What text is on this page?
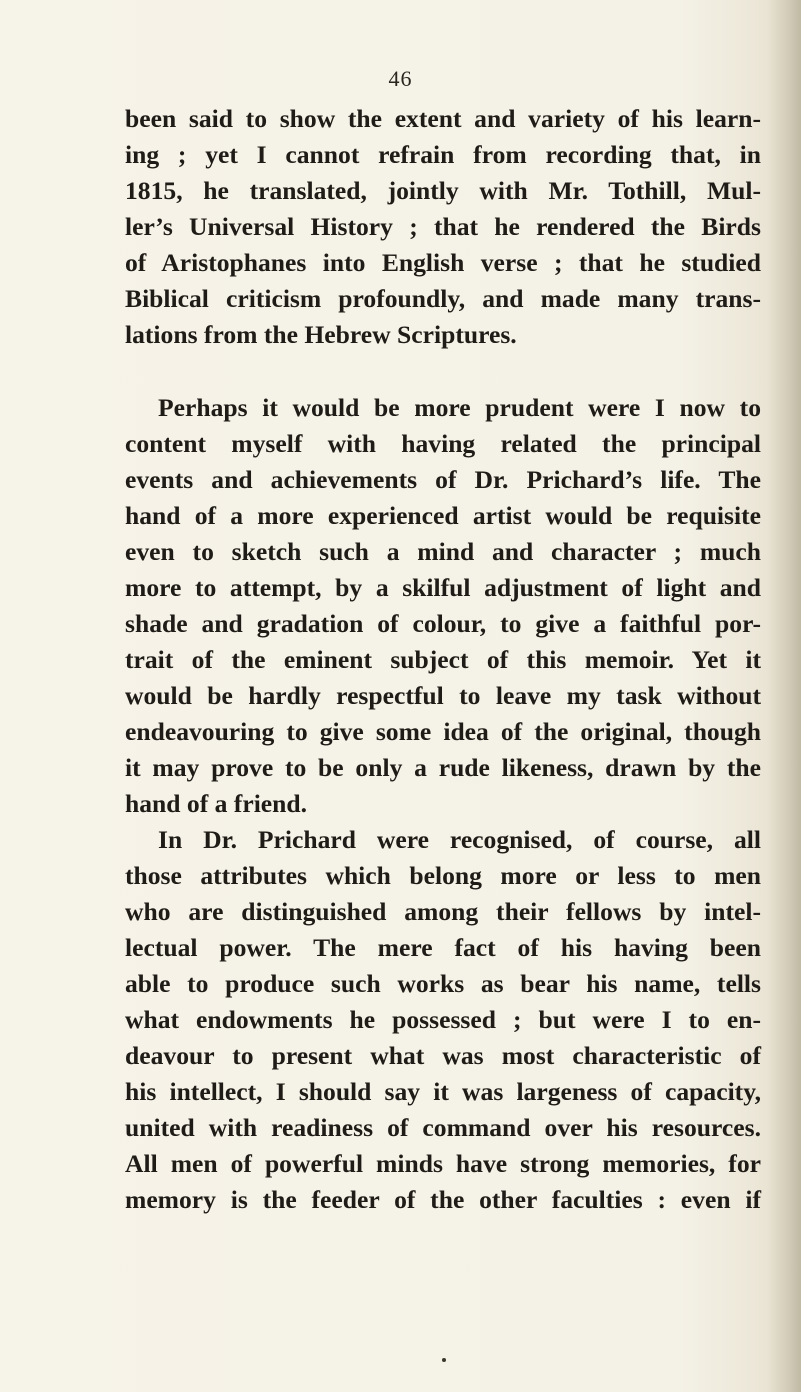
46
been said to show the extent and variety of his learn-
ing ; yet I cannot refrain from recording that, in
1815, he translated, jointly with Mr. Tothill, Mul-
ler’s Universal History ; that he rendered the Birds
of Aristophanes into English verse ; that he studied
Biblical criticism profoundly, and made many trans-
lations from the Hebrew Scriptures.
Perhaps it would be more prudent were I now to
content myself with having related the principal
events and achievements of Dr. Prichard’s life. The
hand of a more experienced artist would be requisite
even to sketch such a mind and character ; much
more to attempt, by a skilful adjustment of light and
shade and gradation of colour, to give a faithful por-
trait of the eminent subject of this memoir. Yet it
would be hardly respectful to leave my task without
endeavouring to give some idea of the original, though
it may prove to be only a rude likeness, drawn by the
hand of a friend.
In Dr. Prichard were recognised, of course, all
those attributes which belong more or less to men
who are distinguished among their fellows by intel-
lectual power. The mere fact of his having been
able to produce such works as bear his name, tells
what endowments he possessed ; but were I to en-
deavour to present what was most characteristic of
his intellect, I should say it was largeness of capacity,
united with readiness of command over his resources.
All men of powerful minds have strong memories, for
memory is the feeder of the other faculties : even if
